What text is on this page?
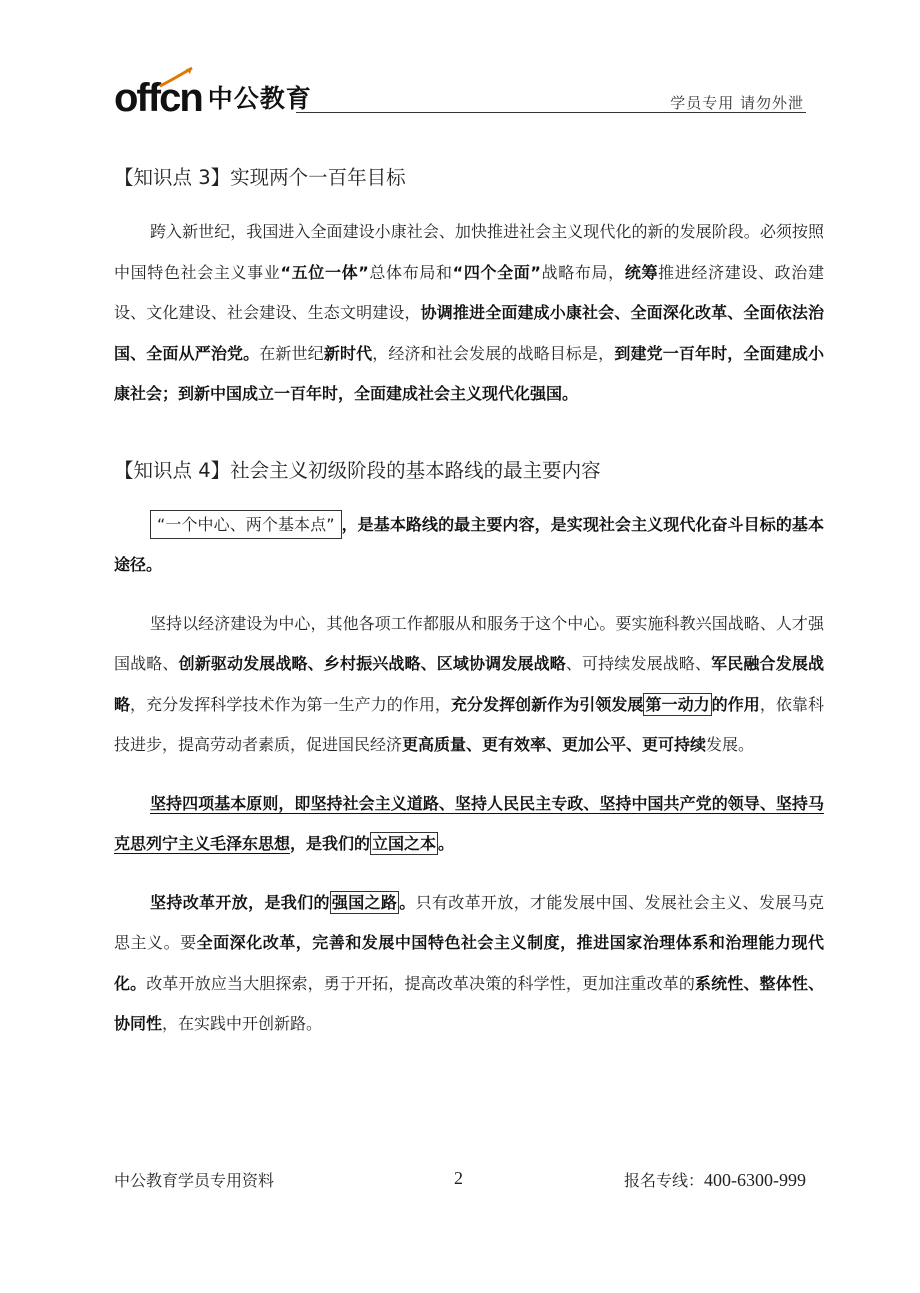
offcn 中公教育	学员专用 请勿外泄
【知识点 3】实现两个一百年目标

跨入新世纪，我国进入全面建设小康社会、加快推进社会主义现代化的新的发展阶段。必须按照中国特色社会主义事业“五位一体”总体布局和“四个全面”战略布局，统筹推进经济建设、政治建设、文化建设、社会建设、生态文明建设，协调推进全面建成小康社会、全面深化改革、全面依法治国、全面从严治党。在新世纪新时代，经济和社会发展的战略目标是，到建党一百年时，全面建成小康社会；到新中国成立一百年时，全面建成社会主义现代化强国。

【知识点 4】社会主义初级阶段的基本路线的最主要内容

“一个中心、两个基本点” ，是基本路线的最主要内容，是实现社会主义现代化奋斗目标的基本途径。

坚持以经济建设为中心，其他各项工作都服从和服务于这个中心。要实施科教兴国战略、人才强国战略、创新驱动发展战略、乡村振兴战略、区域协调发展战略、可持续发展战略、军民融合发展战略，充分发挥科学技术作为第一生产力的作用，充分发挥创新作为引领发展 第一动力 的作用，依靠科技进步，提高劳动者素质，促进国民经济更高质量、更有效率、更加公平、更可持续发展。

坚持四项基本原则，即坚持社会主义道路、坚持人民民主专政、坚持中国共产党的领导、坚持马克思列宁主义毛泽东思想，是我们的 立国之本 。

坚持改革开放，是我们的 强国之路 。只有改革开放，才能发展中国、发展社会主义、发展马克思主义。要全面深化改革，完善和发展中国特色社会主义制度，推进国家治理体系和治理能力现代化。改革开放应当大胆探索，勇于开拓，提高改革决策的科学性，更加注重改革的系统性、整体性、协同性，在实践中开创新路。

中公教育学员专用资料	2	报名专线：400-6300-999
